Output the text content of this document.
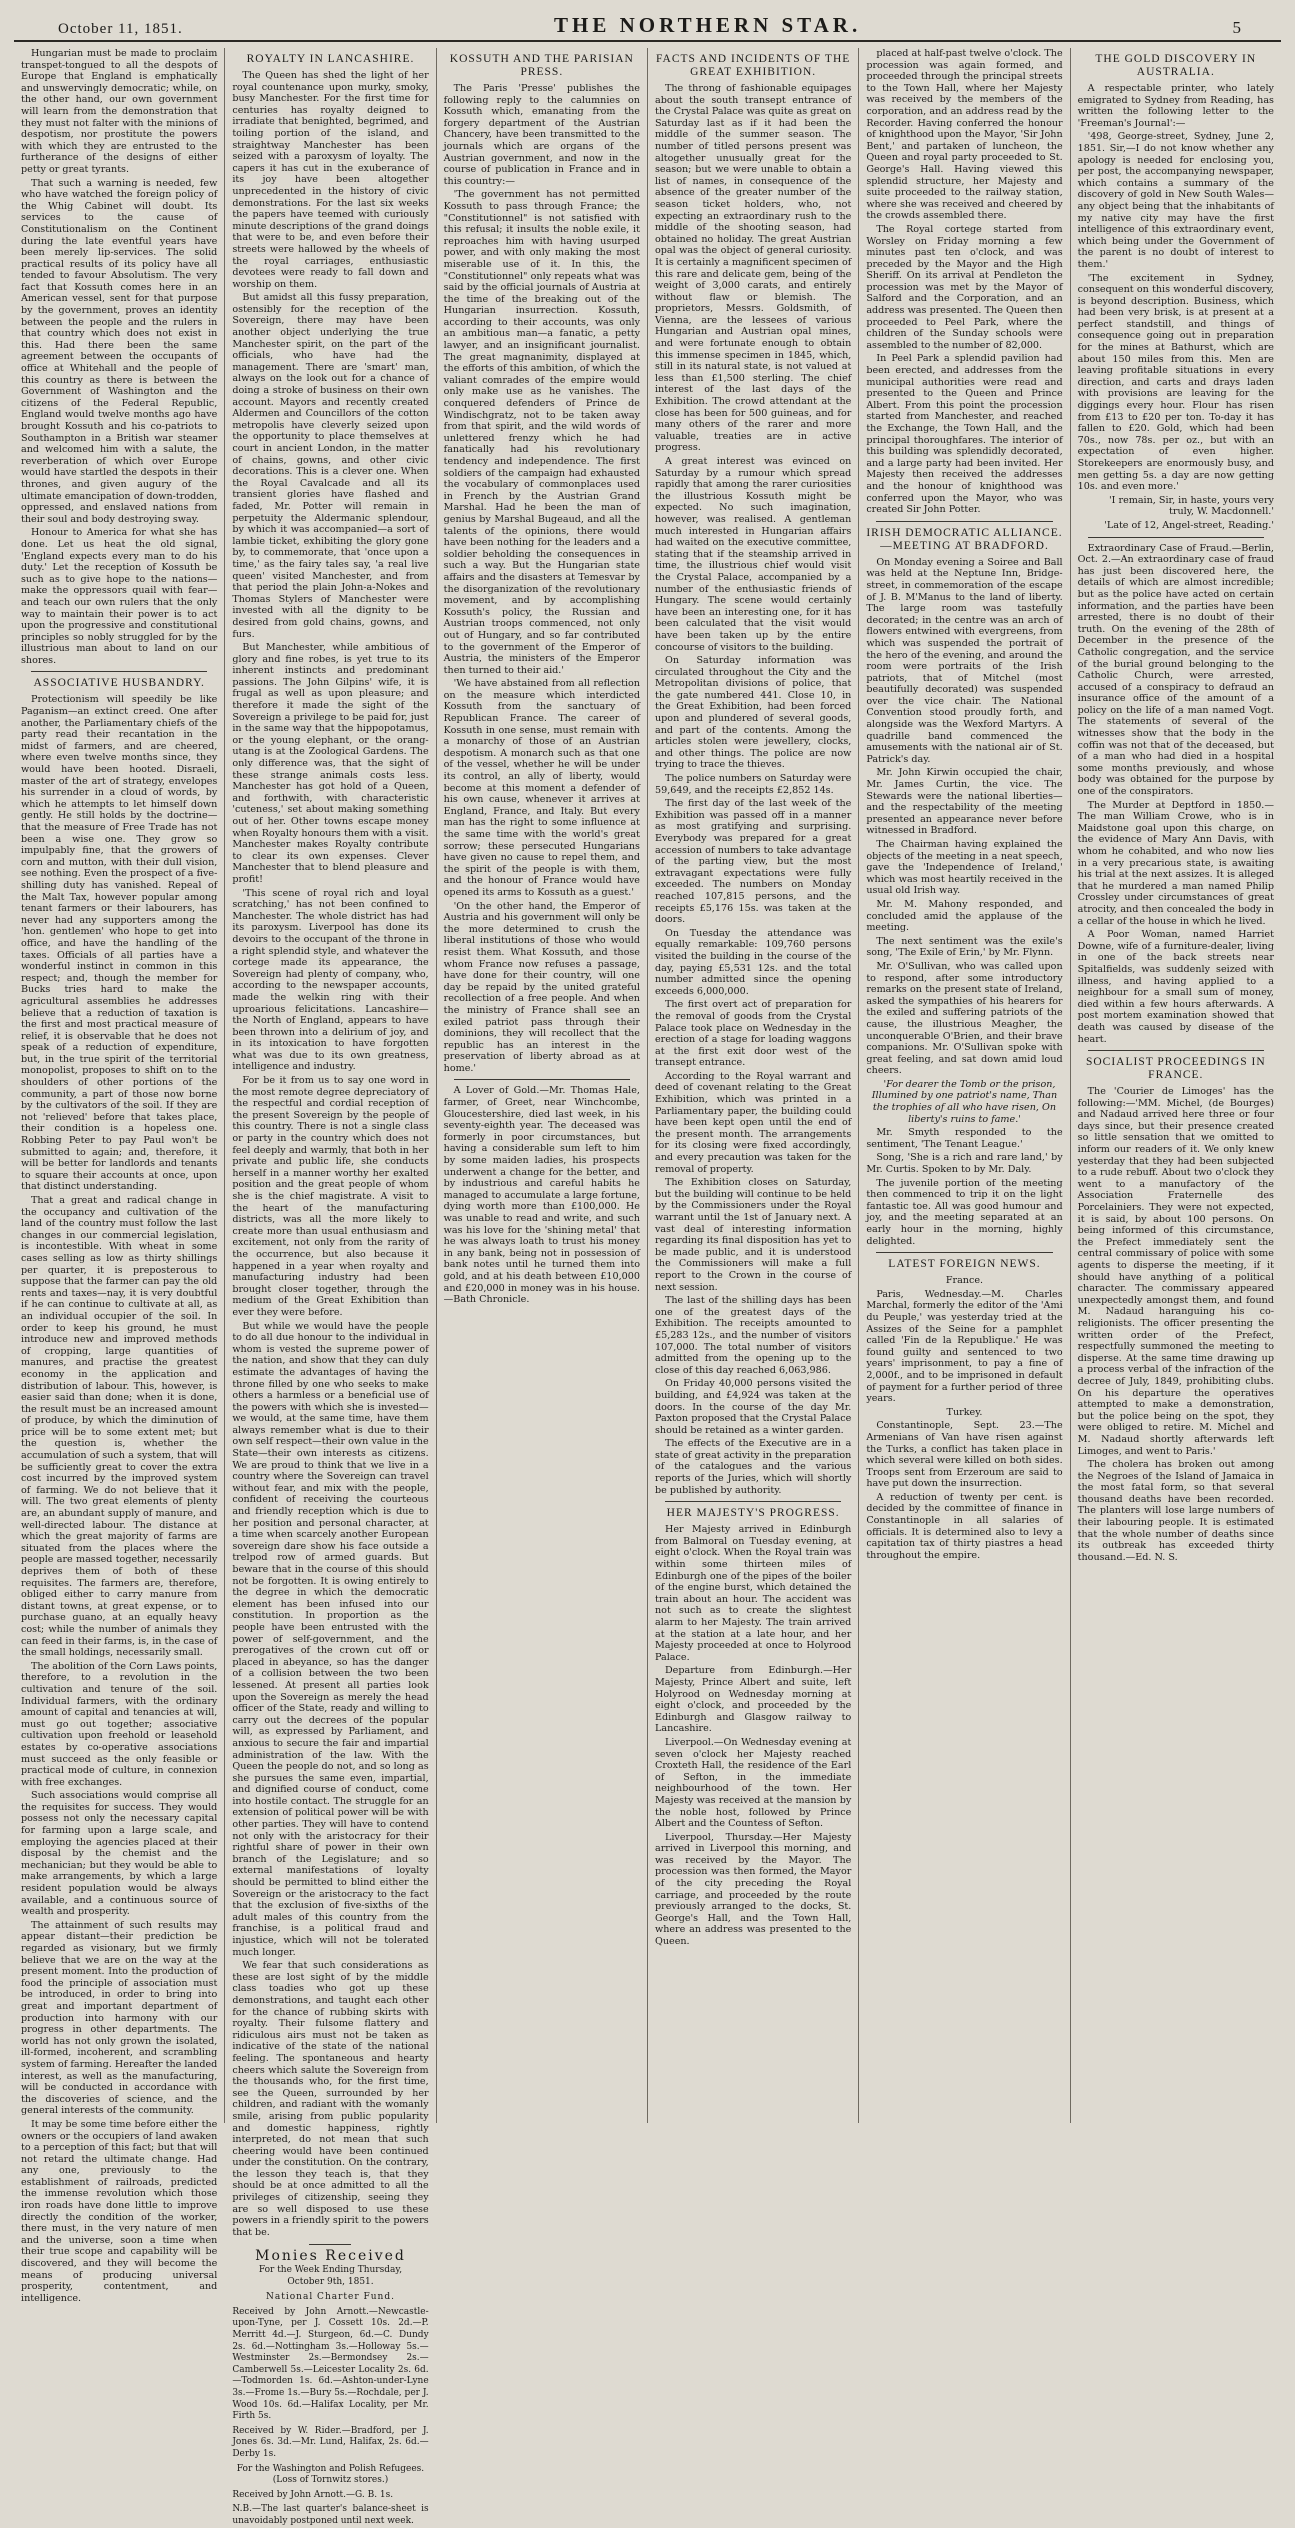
October 11, 1851.	THE NORTHERN STAR.	5

Hungarian must be made to proclaim transpet-tongued to all the despots of Europe that England is emphatically and unswervingly democratic; while, on the other hand, our own government will learn from the demonstration that they must not falter with the minions of despotism, nor prostitute the powers with which they are entrusted to the furtherance of the designs of either petty or great tyrants.

That such a warning is needed, few who have watched the foreign policy of the Whig Cabinet will doubt. Its services to the cause of Constitutionalism on the Continent during the late eventful years have been merely lip-services. The solid practical results of its policy have all tended to favour Absolutism. The very fact that Kossuth comes here in an American vessel, sent for that purpose by the government, proves an identity between the people and the rulers in that country which does not exist in this. Had there been the same agreement between the occupants of office at Whitehall and the people of this country as there is between the Government of Washington and the citizens of the Federal Republic, England would twelve months ago have brought Kossuth and his co-patriots to Southampton in a British war steamer and welcomed him with a salute, the reverberation of which over Europe would have startled the despots in their thrones, and given augury of the ultimate emancipation of down-trodden, oppressed, and enslaved nations from their soul and body destroying sway.

Honour to America for what she has done. Let us heat the old signal, 'England expects every man to do his duty.' Let the reception of Kossuth be such as to give hope to the nations—make the oppressors quail with fear—and teach our own rulers that the only way to maintain their power is to act upon the progressive and constitutional principles so nobly struggled for by the illustrious man about to land on our shores.

ASSOCIATIVE HUSBANDRY.

Protectionism will speedily be like Paganism—an extinct creed. One after another, the Parliamentary chiefs of the party read their recantation in the midst of farmers, and are cheered, where even twelve months since, they would have been hooted. Disraeli, master of the art of strategy, envelopes his surrender in a cloud of words, by which he attempts to let himself down gently. He still holds by the doctrine—that the measure of Free Trade has not been a wise one. They grow so impulpably fine, that the growers of corn and mutton, with their dull vision, see nothing. Even the prospect of a five-shilling duty has vanished. Repeal of the Malt Tax, however popular among tenant farmers or their labourers, has never had any supporters among the 'hon. gentlemen' who hope to get into office, and have the handling of the taxes. Officials of all parties have a wonderful instinct in common in this respect; and, though the member for Bucks tries hard to make the agricultural assemblies he addresses believe that a reduction of taxation is the first and most practical measure of relief, it is observable that he does not speak of a reduction of expenditure, but, in the true spirit of the territorial monopolist, proposes to shift on to the shoulders of other portions of the community, a part of those now borne by the cultivators of the soil. If they are not 'relieved' before that takes place, their condition is a hopeless one. Robbing Peter to pay Paul won't be submitted to again; and, therefore, it will be better for landlords and tenants to square their accounts at once, upon that distinct understanding.

That a great and radical change in the occupancy and cultivation of the land of the country must follow the last changes in our commercial legislation, is incontestible. With wheat in some cases selling as low as thirty shillings per quarter, it is preposterous to suppose that the farmer can pay the old rents and taxes—nay, it is very doubtful if he can continue to cultivate at all, as an individual occupier of the soil. In order to keep his ground, he must introduce new and improved methods of cropping, large quantities of manures, and practise the greatest economy in the application and distribution of labour. This, however, is easier said than done; when it is done, the result must be an increased amount of produce, by which the diminution of price will be to some extent met; but the question is, whether the accumulation of such a system, that will be sufficiently great to cover the extra cost incurred by the improved system of farming. We do not believe that it will. The two great elements of plenty are, an abundant supply of manure, and well-directed labour. The distance at which the great majority of farms are situated from the places where the people are massed together, necessarily deprives them of both of these requisites. The farmers are, therefore, obliged either to carry manure from distant towns, at great expense, or to purchase guano, at an equally heavy cost; while the number of animals they can feed in their farms, is, in the case of the small holdings, necessarily small.

The abolition of the Corn Laws points, therefore, to a revolution in the cultivation and tenure of the soil. Individual farmers, with the ordinary amount of capital and tenancies at will, must go out together; associative cultivation upon freehold or leasehold estates by co-operative associations must succeed as the only feasible or practical mode of culture, in connexion with free exchanges.

Such associations would comprise all the requisites for success. They would possess not only the necessary capital for farming upon a large scale, and employing the agencies placed at their disposal by the chemist and the mechanician; but they would be able to make arrangements, by which a large resident population would be always available, and a continuous source of wealth and prosperity.

The attainment of such results may appear distant—their prediction be regarded as visionary, but we firmly believe that we are on the way at the present moment. Into the production of food the principle of association must be introduced, in order to bring into great and important department of production into harmony with our progress in other departments. The world has not only grown the isolated, ill-formed, incoherent, and scrambling system of farming. Hereafter the landed interest, as well as the manufacturing, will be conducted in accordance with the discoveries of science, and the general interests of the community.

It may be some time before either the owners or the occupiers of land awaken to a perception of this fact; but that will not retard the ultimate change. Had any one, previously to the establishment of railroads, predicted the immense revolution which those iron roads have done little to improve directly the condition of the worker, there must, in the very nature of men and the universe, soon a time when their true scope and capability will be discovered, and they will become the means of producing universal prosperity, contentment, and intelligence.

ROYALTY IN LANCASHIRE.

The Queen has shed the light of her royal countenance upon murky, smoky, busy Manchester. For the first time for centuries has royalty deigned to irradiate that benighted, begrimed, and toiling portion of the island, and straightway Manchester has been seized with a paroxysm of loyalty. The capers it has cut in the exuberance of its joy have been altogether unprecedented in the history of civic demonstrations. For the last six weeks the papers have teemed with curiously minute descriptions of the grand doings that were to be, and even before their streets were hallowed by the wheels of the royal carriages, enthusiastic devotees were ready to fall down and worship on them.

But amidst all this fussy preparation, ostensibly for the reception of the Sovereign, there may have been another object underlying the true Manchester spirit, on the part of the officials, who have had the management. There are 'smart' man, always on the look out for a chance of doing a stroke of business on their own account. Mayors and recently created Aldermen and Councillors of the cotton metropolis have cleverly seized upon the opportunity to place themselves at court in ancient London, in the matter of chains, gowns, and other civic decorations. This is a clever one. When the Royal Cavalcade and all its transient glories have flashed and faded, Mr. Potter will remain in perpetuity the Aldermanic splendour, by which it was accompanied—a sort of lambie ticket, exhibiting the glory gone by, to commemorate, that 'once upon a time,' as the fairy tales say, 'a real live queen' visited Manchester, and from that period the plain John-a-Nokes and Thomas Stylers of Manchester were invested with all the dignity to be desired from gold chains, gowns, and furs.

But Manchester, while ambitious of glory and fine robes, is yet true to its inherent instincts and predominant passions. The John Gilpins' wife, it is frugal as well as upon pleasure; and therefore it made the sight of the Sovereign a privilege to be paid for, just in the same way that the hippopotamus, or the young elephant, or the orang-utang is at the Zoological Gardens. The only difference was, that the sight of these strange animals costs less. Manchester has got hold of a Queen, and forthwith, with characteristic 'cuteness,' set about making something out of her. Other towns escape money when Royalty honours them with a visit. Manchester makes Royalty contribute to clear its own expenses. Clever Manchester that to blend pleasure and profit!

'This scene of royal rich and loyal scratching,' has not been confined to Manchester. The whole district has had its paroxysm. Liverpool has done its devoirs to the occupant of the throne in a right splendid style, and whatever the cortege made its appearance, the Sovereign had plenty of company, who, according to the newspaper accounts, made the welkin ring with their uproarious felicitations. Lancashire—the North of England, appears to have been thrown into a delirium of joy, and in its intoxication to have forgotten what was due to its own greatness, intelligence and industry.

For be it from us to say one word in the most remote degree depreciatory of the respectful and cordial reception of the present Sovereign by the people of this country. There is not a single class or party in the country which does not feel deeply and warmly, that both in her private and public life, she conducts herself in a manner worthy her exalted position and the great people of whom she is the chief magistrate. A visit to the heart of the manufacturing districts, was all the more likely to create more than usual enthusiasm and excitement, not only from the rarity of the occurrence, but also because it happened in a year when royalty and manufacturing industry had been brought closer together, through the medium of the Great Exhibition than ever they were before.

But while we would have the people to do all due honour to the individual in whom is vested the supreme power of the nation, and show that they can duly estimate the advantages of having the throne filled by one who seeks to make others a harmless or a beneficial use of the powers with which she is invested—we would, at the same time, have them always remember what is due to their own self respect—their own value in the State—their own interests as citizens. We are proud to think that we live in a country where the Sovereign can travel without fear, and mix with the people, confident of receiving the courteous and friendly reception which is due to her position and personal character, at a time when scarcely another European sovereign dare show his face outside a trelpod row of armed guards. But beware that in the course of this should not be forgotten. It is owing entirely to the degree in which the democratic element has been infused into our constitution. In proportion as the people have been entrusted with the power of self-government, and the prerogatives of the crown cut off or placed in abeyance, so has the danger of a collision between the two been lessened. At present all parties look upon the Sovereign as merely the head officer of the State, ready and willing to carry out the decrees of the popular will, as expressed by Parliament, and anxious to secure the fair and impartial administration of the law. With the Queen the people do not, and so long as she pursues the same even, impartial, and dignified course of conduct, come into hostile contact. The struggle for an extension of political power will be with other parties. They will have to contend not only with the aristocracy for their rightful share of power in their own branch of the Legislature; and so external manifestations of loyalty should be permitted to blind either the Sovereign or the aristocracy to the fact that the exclusion of five-sixths of the adult males of this country from the franchise, is a political fraud and injustice, which will not be tolerated much longer.

We fear that such considerations as these are lost sight of by the middle class toadies who got up these demonstrations, and taught each other for the chance of rubbing skirts with royalty. Their fulsome flattery and ridiculous airs must not be taken as indicative of the state of the national feeling. The spontaneous and hearty cheers which salute the Sovereign from the thousands who, for the first time, see the Queen, surrounded by her children, and radiant with the womanly smile, arising from public popularity and domestic happiness, rightly interpreted, do not mean that such cheering would have been continued under the constitution. On the contrary, the lesson they teach is, that they should be at once admitted to all the privileges of citizenship, seeing they are so well disposed to use these powers in a friendly spirit to the powers that be.

Monies Received
For the Week Ending Thursday,
October 9th, 1851.
National Charter Fund.
Received by John Arnott.—Newcastle-upon-Tyne, per J. Cossett 10s. 2d.—P. Merritt 4d.—J. Sturgeon, 6d.—C. Dundy 2s. 6d.—Nottingham 3s.—Holloway 5s.—Westminster 2s.—Bermondsey 2s.—Camberwell 5s.—Leicester Locality 2s. 6d.—Todmorden 1s. 6d.—Ashton-under-Lyne 3s.—Frome 1s.—Bury 5s.—Rochdale, per J. Wood 10s. 6d.—Halifax Locality, per Mr. Firth 5s.
Received by W. Rider.—Bradford, per J. Jones 6s. 3d.—Mr. Lund, Halifax, 2s. 6d.—Derby 1s.
For the Washington and Polish Refugees. (Loss of Tornwitz stores.)
Received by John Arnott.—G. B. 1s.
N.B.—The last quarter's balance-sheet is unavoidably postponed until next week.
KOSSUTH AND THE PARISIAN PRESS.

The Paris 'Presse' publishes the following reply to the calumnies on Kossuth which, emanating from the forgery department of the Austrian Chancery, have been transmitted to the journals which are organs of the Austrian government, and now in the course of publication in France and in this country:—

'The government has not permitted Kossuth to pass through France; the "Constitutionnel" is not satisfied with this refusal; it insults the noble exile, it reproaches him with having usurped power, and with only making the most miserable use of it. In this, the "Constitutionnel" only repeats what was said by the official journals of Austria at the time of the breaking out of the Hungarian insurrection. Kossuth, according to their accounts, was only an ambitious man—a fanatic, a petty lawyer, and an insignificant journalist. The great magnanimity, displayed at the efforts of this ambition, of which the valiant comrades of the empire would only make use as he vanishes. The conquered defenders of Prince de Windischgratz, not to be taken away from that spirit, and the wild words of unlettered frenzy which he had fanatically had his revolutionary tendency and independence. The first soldiers of the campaign had exhausted the vocabulary of commonplaces used in French by the Austrian Grand Marshal. Had he been the man of genius by Marshal Bugeaud, and all the talents of the opinions, there would have been nothing for the leaders and a soldier beholding the consequences in such a way. But the Hungarian state affairs and the disasters at Temesvar by the disorganization of the revolutionary movement, and by accomplishing Kossuth's policy, the Russian and Austrian troops commenced, not only out of Hungary, and so far contributed to the government of the Emperor of Austria, the ministers of the Emperor then turned to their aid.'

'We have abstained from all reflection on the measure which interdicted Kossuth from the sanctuary of Republican France. The career of Kossuth in one sense, must remain with a monarchy of those of an Austrian despotism. A monarch such as that one of the vessel, whether he will be under its control, an ally of liberty, would become at this moment a defender of his own cause, whenever it arrives at England, France, and Italy. But every man has the right to some influence at the same time with the world's great sorrow; these persecuted Hungarians have given no cause to repel them, and the spirit of the people is with them, and the honour of France would have opened its arms to Kossuth as a guest.'

'On the other hand, the Emperor of Austria and his government will only be the more determined to crush the liberal institutions of those who would resist them. What Kossuth, and those whom France now refuses a passage, have done for their country, will one day be repaid by the united grateful recollection of a free people. And when the ministry of France shall see an exiled patriot pass through their dominions, they will recollect that the republic has an interest in the preservation of liberty abroad as at home.'

A Lover of Gold.—Mr. Thomas Hale, farmer, of Greet, near Winchcombe, Gloucestershire, died last week, in his seventy-eighth year. The deceased was formerly in poor circumstances, but having a considerable sum left to him by some maiden ladies, his prospects underwent a change for the better, and by industrious and careful habits he managed to accumulate a large fortune, dying worth more than £100,000. He was unable to read and write, and such was his love for the 'shining metal' that he was always loath to trust his money in any bank, being not in possession of bank notes until he turned them into gold, and at his death between £10,000 and £20,000 in money was in his house.—Bath Chronicle.

FACTS AND INCIDENTS OF THE GREAT EXHIBITION.

The throng of fashionable equipages about the south transept entrance of the Crystal Palace was quite as great on Saturday last as if it had been the middle of the summer season. The number of titled persons present was altogether unusually great for the season; but we were unable to obtain a list of names, in consequence of the absence of the greater number of the season ticket holders, who, not expecting an extraordinary rush to the middle of the shooting season, had obtained no holiday. The great Austrian opal was the object of general curiosity. It is certainly a magnificent specimen of this rare and delicate gem, being of the weight of 3,000 carats, and entirely without flaw or blemish. The proprietors, Messrs. Goldsmith, of Vienna, are the lessees of various Hungarian and Austrian opal mines, and were fortunate enough to obtain this immense specimen in 1845, which, still in its natural state, is not valued at less than £1,500 sterling. The chief interest of the last days of the Exhibition. The crowd attendant at the close has been for 500 guineas, and for many others of the rarer and more valuable, treaties are in active progress.

A great interest was evinced on Saturday by a rumour which spread rapidly that among the rarer curiosities the illustrious Kossuth might be expected. No such imagination, however, was realised. A gentleman much interested in Hungarian affairs had waited on the executive committee, stating that if the steamship arrived in time, the illustrious chief would visit the Crystal Palace, accompanied by a number of the enthusiastic friends of Hungary. The scene would certainly have been an interesting one, for it has been calculated that the visit would have been taken up by the entire concourse of visitors to the building.

On Saturday information was circulated throughout the City and the Metropolitan divisions of police, that the gate numbered 441. Close 10, in the Great Exhibition, had been forced upon and plundered of several goods, and part of the contents. Among the articles stolen were jewellery, clocks, and other things. The police are now trying to trace the thieves.

The police numbers on Saturday were 59,649, and the receipts £2,852 14s.

The first day of the last week of the Exhibition was passed off in a manner as most gratifying and surprising. Everybody was prepared for a great accession of numbers to take advantage of the parting view, but the most extravagant expectations were fully exceeded. The numbers on Monday reached 107,815 persons, and the receipts £5,176 15s. was taken at the doors.

On Tuesday the attendance was equally remarkable: 109,760 persons visited the building in the course of the day, paying £5,531 12s. and the total number admitted since the opening exceeds 6,000,000.

The first overt act of preparation for the removal of goods from the Crystal Palace took place on Wednesday in the erection of a stage for loading waggons at the first exit door west of the transept entrance.

According to the Royal warrant and deed of covenant relating to the Great Exhibition, which was printed in a Parliamentary paper, the building could have been kept open until the end of the present month. The arrangements for its closing were fixed accordingly, and every precaution was taken for the removal of property.

The Exhibition closes on Saturday, but the building will continue to be held by the Commissioners under the Royal warrant until the 1st of January next. A vast deal of interesting information regarding its final disposition has yet to be made public, and it is understood the Commissioners will make a full report to the Crown in the course of next session.

The last of the shilling days has been one of the greatest days of the Exhibition. The receipts amounted to £5,283 12s., and the number of visitors 107,000. The total number of visitors admitted from the opening up to the close of this day reached 6,063,986.

On Friday 40,000 persons visited the building, and £4,924 was taken at the doors. In the course of the day Mr. Paxton proposed that the Crystal Palace should be retained as a winter garden.

The effects of the Executive are in a state of great activity in the preparation of the catalogues and the various reports of the Juries, which will shortly be published by authority.

HER MAJESTY'S PROGRESS.

Her Majesty arrived in Edinburgh from Balmoral on Tuesday evening, at eight o'clock. When the Royal train was within some thirteen miles of Edinburgh one of the pipes of the boiler of the engine burst, which detained the train about an hour. The accident was not such as to create the slightest alarm to her Majesty. The train arrived at the station at a late hour, and her Majesty proceeded at once to Holyrood Palace.

Departure from Edinburgh.—Her Majesty, Prince Albert and suite, left Holyrood on Wednesday morning at eight o'clock, and proceeded by the Edinburgh and Glasgow railway to Lancashire.

Liverpool.—On Wednesday evening at seven o'clock her Majesty reached Croxteth Hall, the residence of the Earl of Sefton, in the immediate neighbourhood of the town. Her Majesty was received at the mansion by the noble host, followed by Prince Albert and the Countess of Sefton.

Liverpool, Thursday.—Her Majesty arrived in Liverpool this morning, and was received by the Mayor. The procession was then formed, the Mayor of the city preceding the Royal carriage, and proceeded by the route previously arranged to the docks, St. George's Hall, and the Town Hall, where an address was presented to the Queen.

placed at half-past twelve o'clock. The procession was again formed, and proceeded through the principal streets to the Town Hall, where her Majesty was received by the members of the corporation, and an address read by the Recorder. Having conferred the honour of knighthood upon the Mayor, 'Sir John Bent,' and partaken of luncheon, the Queen and royal party proceeded to St. George's Hall. Having viewed this splendid structure, her Majesty and suite proceeded to the railway station, where she was received and cheered by the crowds assembled there.

The Royal cortege started from Worsley on Friday morning a few minutes past ten o'clock, and was preceded by the Mayor and the High Sheriff. On its arrival at Pendleton the procession was met by the Mayor of Salford and the Corporation, and an address was presented. The Queen then proceeded to Peel Park, where the children of the Sunday schools were assembled to the number of 82,000.

In Peel Park a splendid pavilion had been erected, and addresses from the municipal authorities were read and presented to the Queen and Prince Albert. From this point the procession started from Manchester, and reached the Exchange, the Town Hall, and the principal thoroughfares. The interior of this building was splendidly decorated, and a large party had been invited. Her Majesty then received the addresses and the honour of knighthood was conferred upon the Mayor, who was created Sir John Potter.

IRISH DEMOCRATIC ALLIANCE.—MEETING AT BRADFORD.

On Monday evening a Soiree and Ball was held at the Neptune Inn, Bridge-street, in commemoration of the escape of J. B. M'Manus to the land of liberty. The large room was tastefully decorated; in the centre was an arch of flowers entwined with evergreens, from which was suspended the portrait of the hero of the evening, and around the room were portraits of the Irish patriots, that of Mitchel (most beautifully decorated) was suspended over the vice chair. The National Convention stood proudly forth, and alongside was the Wexford Martyrs. A quadrille band commenced the amusements with the national air of St. Patrick's day.

Mr. John Kirwin occupied the chair, Mr. James Curtin, the vice. The Stewards were the national liberties—and the respectability of the meeting presented an appearance never before witnessed in Bradford.

The Chairman having explained the objects of the meeting in a neat speech, gave the 'Independence of Ireland,' which was most heartily received in the usual old Irish way.

Mr. M. Mahony responded, and concluded amid the applause of the meeting.

The next sentiment was the exile's song, 'The Exile of Erin,' by Mr. Flynn.

Mr. O'Sullivan, who was called upon to respond, after some introductory remarks on the present state of Ireland, asked the sympathies of his hearers for the exiled and suffering patriots of the cause, the illustrious Meagher, the unconquerable O'Brien, and their brave companions. Mr. O'Sullivan spoke with great feeling, and sat down amid loud cheers.

'For dearer the Tomb or the prison, Illumined by one patriot's name, Than the trophies of all who have risen, On liberty's ruins to fame.'

Mr. Smyth responded to the sentiment, 'The Tenant League.'

Song, 'She is a rich and rare land,' by Mr. Curtis. Spoken to by Mr. Daly.

The juvenile portion of the meeting then commenced to trip it on the light fantastic toe. All was good humour and joy, and the meeting separated at an early hour in the morning, highly delighted.

LATEST FOREIGN NEWS.

France.

Paris, Wednesday.—M. Charles Marchal, formerly the editor of the 'Ami du Peuple,' was yesterday tried at the Assizes of the Seine for a pamphlet called 'Fin de la Republique.' He was found guilty and sentenced to two years' imprisonment, to pay a fine of 2,000f., and to be imprisoned in default of payment for a further period of three years.

Turkey.

Constantinople, Sept. 23.—The Armenians of Van have risen against the Turks, a conflict has taken place in which several were killed on both sides. Troops sent from Erzeroum are said to have put down the insurrection.

A reduction of twenty per cent. is decided by the committee of finance in Constantinople in all salaries of officials. It is determined also to levy a capitation tax of thirty piastres a head throughout the empire.

THE GOLD DISCOVERY IN AUSTRALIA.

A respectable printer, who lately emigrated to Sydney from Reading, has written the following letter to the 'Freeman's Journal':—

'498, George-street, Sydney, June 2, 1851. Sir,—I do not know whether any apology is needed for enclosing you, per post, the accompanying newspaper, which contains a summary of the discovery of gold in New South Wales—any object being that the inhabitants of my native city may have the first intelligence of this extraordinary event, which being under the Government of the parent is no doubt of interest to them.'

'The excitement in Sydney, consequent on this wonderful discovery, is beyond description. Business, which had been very brisk, is at present at a perfect standstill, and things of consequence going out in preparation for the mines at Bathurst, which are about 150 miles from this. Men are leaving profitable situations in every direction, and carts and drays laden with provisions are leaving for the diggings every hour. Flour has risen from £13 to £20 per ton. To-day it has fallen to £20. Gold, which had been 70s., now 78s. per oz., but with an expectation of even higher. Storekeepers are enormously busy, and men getting 5s. a day are now getting 10s. and even more.'

'I remain, Sir, in haste, yours very truly, W. Macdonnell.'

'Late of 12, Angel-street, Reading.'

Extraordinary Case of Fraud.—Berlin, Oct. 2.—An extraordinary case of fraud has just been discovered here, the details of which are almost incredible; but as the police have acted on certain information, and the parties have been arrested, there is no doubt of their truth. On the evening of the 28th of December in the presence of the Catholic congregation, and the service of the burial ground belonging to the Catholic Church, were arrested, accused of a conspiracy to defraud an insurance office of the amount of a policy on the life of a man named Vogt. The statements of several of the witnesses show that the body in the coffin was not that of the deceased, but of a man who had died in a hospital some months previously, and whose body was obtained for the purpose by one of the conspirators.

The Murder at Deptford in 1850.—The man William Crowe, who is in Maidstone goal upon this charge, on the evidence of Mary Ann Davis, with whom he cohabited, and who now lies in a very precarious state, is awaiting his trial at the next assizes. It is alleged that he murdered a man named Philip Crossley under circumstances of great atrocity, and then concealed the body in a cellar of the house in which he lived.

A Poor Woman, named Harriet Downe, wife of a furniture-dealer, living in one of the back streets near Spitalfields, was suddenly seized with illness, and having applied to a neighbour for a small sum of money, died within a few hours afterwards. A post mortem examination showed that death was caused by disease of the heart.

SOCIALIST PROCEEDINGS IN FRANCE.

The 'Courier de Limoges' has the following:—'MM. Michel, (de Bourges) and Nadaud arrived here three or four days since, but their presence created so little sensation that we omitted to inform our readers of it. We only knew yesterday that they had been subjected to a rude rebuff. About two o'clock they went to a manufactory of the Association Fraternelle des Porcelainiers. They were not expected, it is said, by about 100 persons. On being informed of this circumstance, the Prefect immediately sent the central commissary of police with some agents to disperse the meeting, if it should have anything of a political character. The commissary appeared unexpectedly amongst them, and found M. Nadaud haranguing his co-religionists. The officer presenting the written order of the Prefect, respectfully summoned the meeting to disperse. At the same time drawing up a process verbal of the infraction of the decree of July, 1849, prohibiting clubs. On his departure the operatives attempted to make a demonstration, but the police being on the spot, they were obliged to retire. M. Michel and M. Nadaud shortly afterwards left Limoges, and went to Paris.'

The cholera has broken out among the Negroes of the Island of Jamaica in the most fatal form, so that several thousand deaths have been recorded. The planters will lose large numbers of their labouring people. It is estimated that the whole number of deaths since its outbreak has exceeded thirty thousand.—Ed. N. S.
